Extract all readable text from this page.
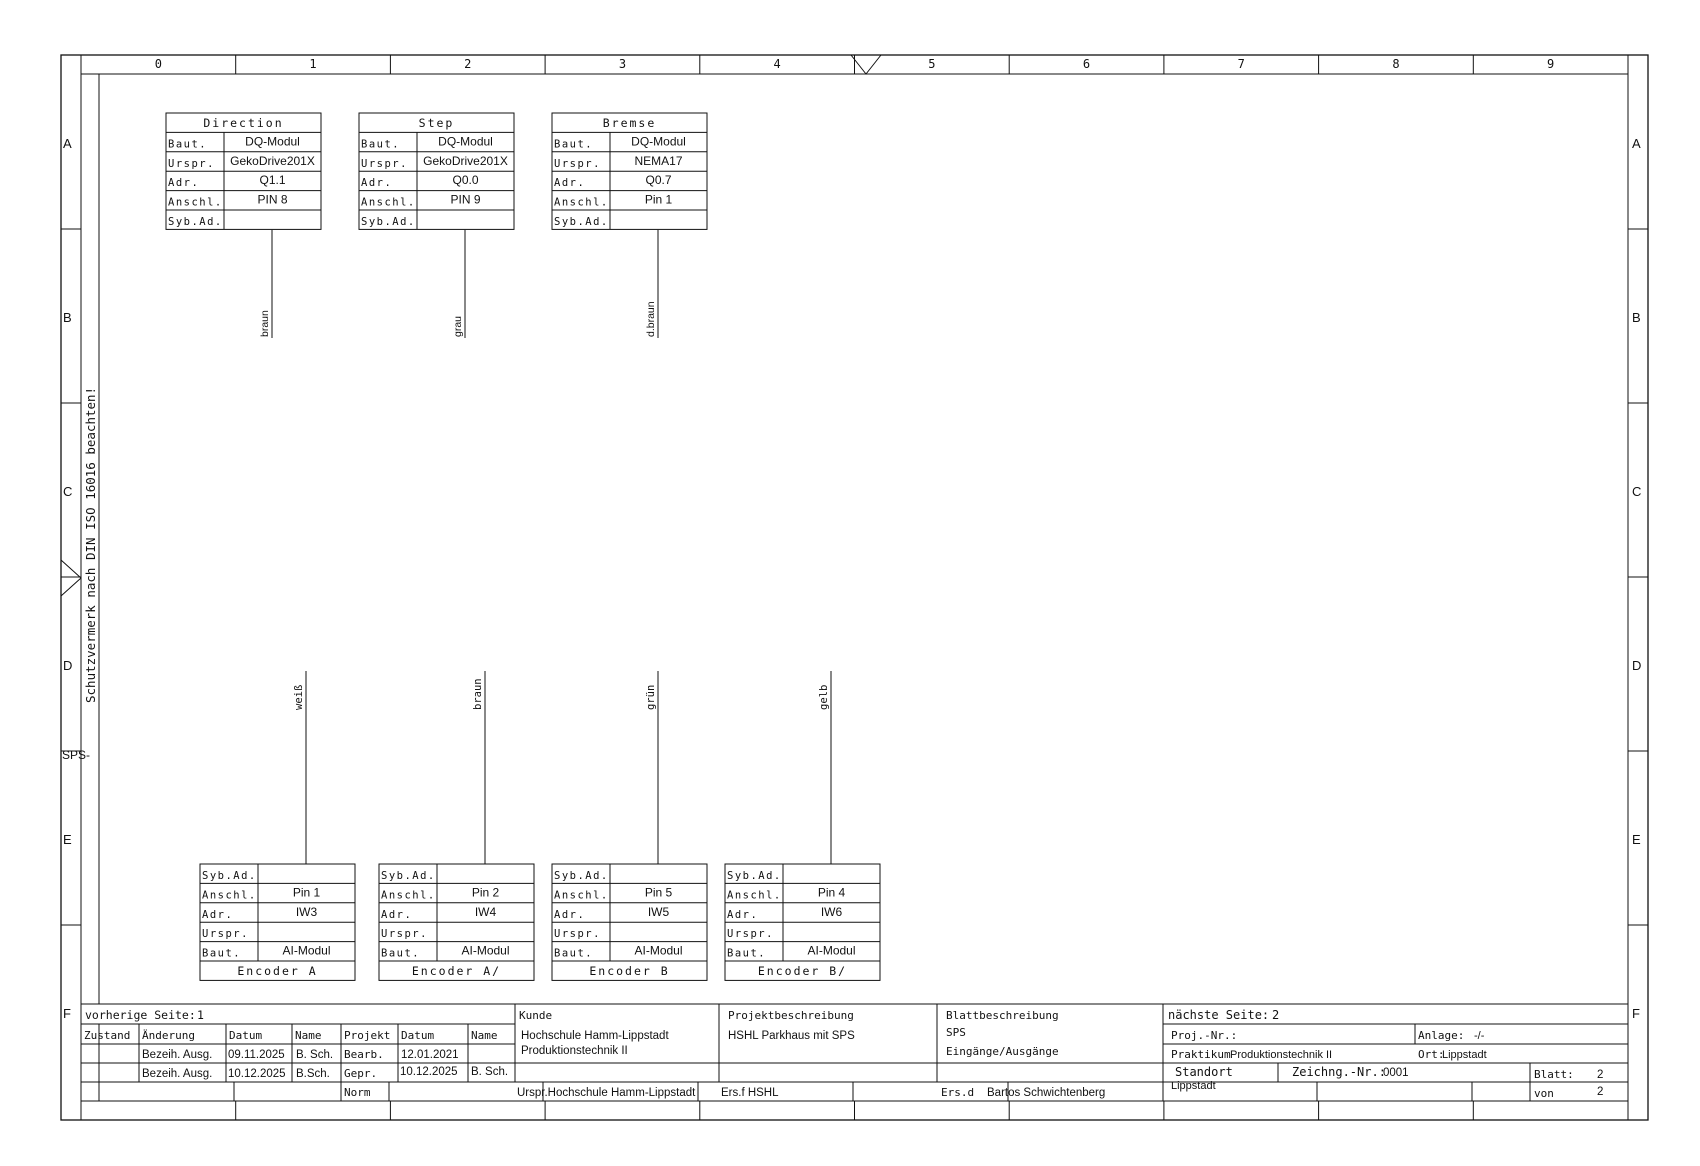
0	1	2	3	4	5	6	7	8	9
A	A
B	B
C	C
D	D
E	E
F	F
Schutzvermerk nach DIN ISO 16016 beachten!
SPS-
Direction
Baut.	DQ-Modul
Urspr. GekoDrive201X
Adr.	Q1.1
Anschl.	PIN 8
Syb.Ad.
braun
Step
Baut.	DQ-Modul
Urspr. GekoDrive201X
Adr.	Q0.0
Anschl.	PIN 9
Syb.Ad.
grau
Bremse
Baut.	DQ-Modul
Urspr.	NEMA17
Adr.	Q0.7
Anschl.	Pin 1
Syb.Ad.
d.braun
Encoder A
Syb.Ad.
Anschl.	Pin 1
Adr.	IW3
Urspr.
Baut.	AI-Modul
weiß
Encoder A/
Syb.Ad.
Anschl.	Pin 2
Adr.	IW4
Urspr.
Baut.	AI-Modul
braun
Encoder B
Syb.Ad.
Anschl.	Pin 5
Adr.	IW5
Urspr.
Baut.	AI-Modul
grün
Encoder B/
Syb.Ad.
Anschl.	Pin 4
Adr.	IW6
Urspr.
Baut.	AI-Modul
gelb
vorherige Seite: 1
Zustand Änderung	Datum	Name
Bezeih. Ausg. 09.11.2025 B. Sch.
Bezeih. Ausg. 10.12.2025 B.Sch.
Projekt Datum	Name
Bearb. 12.01.2021
Gepr. 10.12.2025 B. Sch.
Norm
Kunde
Hochschule Hamm-Lippstadt
Produktionstechnik II
Urspr.Hochschule Hamm-Lippstadt
Projektbeschreibung
HSHL Parkhaus mit SPS
Ers.f HSHL
Blattbeschreibung
SPS
Eingänge/Ausgänge
Ers.d Bartos Schwichtenberg
nächste Seite: 2
Proj.-Nr.:	Anlage: -/-
Praktikum Produktionstechnik II	Ort:
Lippstadt
Standort
Lippstadt
Zeichng.-Nr.:
0001	Blatt: 2
von	2
